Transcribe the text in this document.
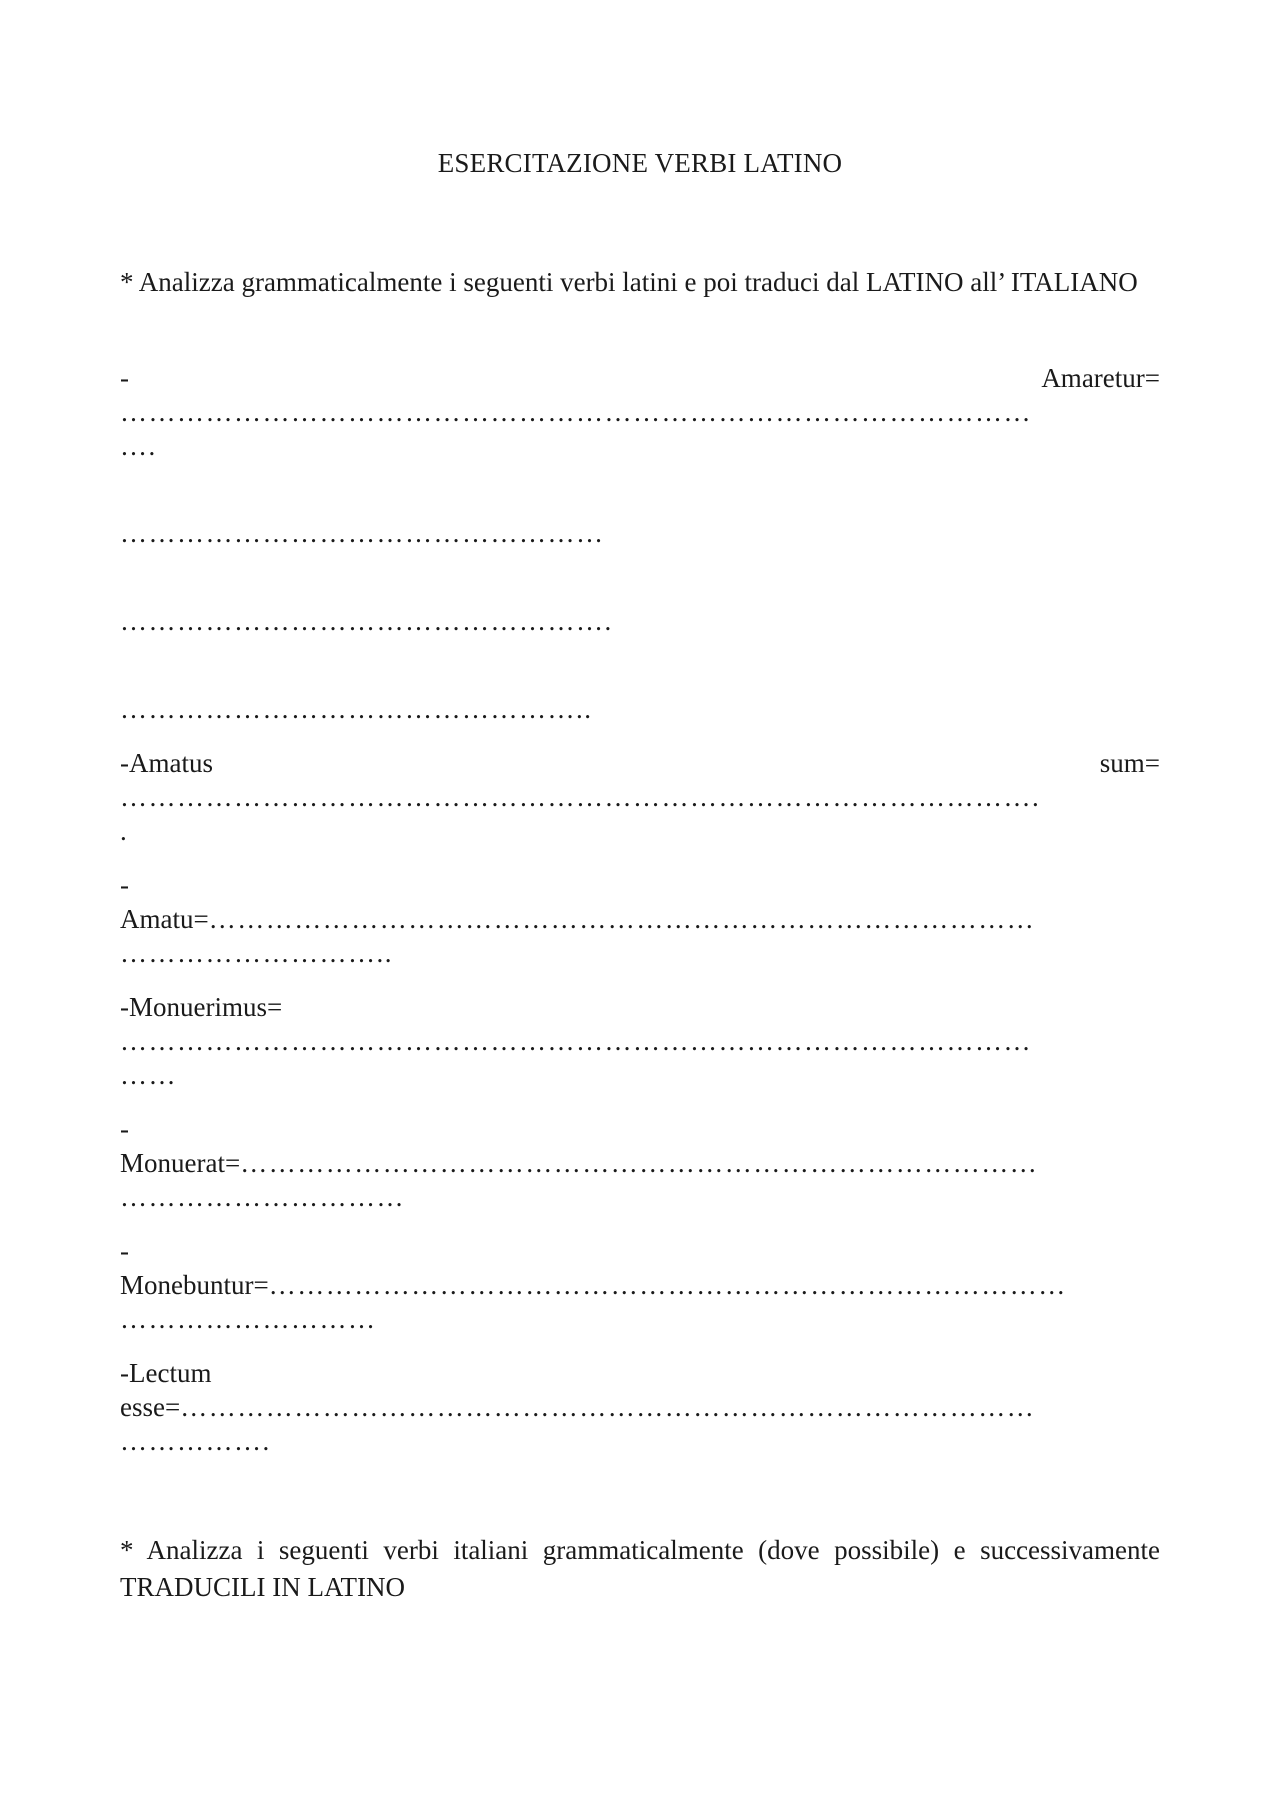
ESERCITAZIONE VERBI LATINO
* Analizza grammaticalmente i seguenti verbi latini e poi traduci dal LATINO all’ ITALIANO
-	Amaretur=
……………………………………………………………………………………
….
……………………………………………
…………………………………………….
…………………………………………..
-Amatus	sum=
…………………………………………………………………………………….
.
-
Amatu=……………………………………………………………………………
………………………..
-Monuerimus=
……………………………………………………………………………………
……
-
Monuerat=…………………………………………………………………………
…………………………
-
Monebuntur=…………………………………………………………………………
………………………
-Lectum
esse=………………………………………………………………………………
…………….
* Analizza i seguenti verbi italiani grammaticalmente (dove possibile) e successivamente TRADUCILI IN LATINO
